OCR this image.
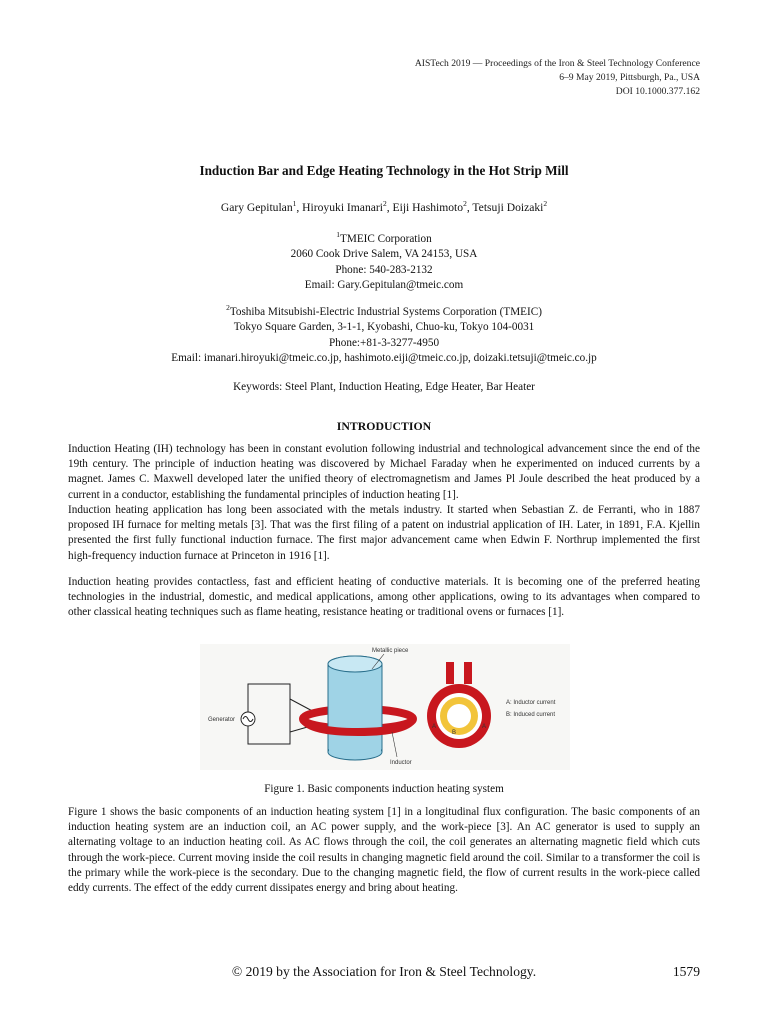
AISTech 2019 — Proceedings of the Iron & Steel Technology Conference
6–9 May 2019, Pittsburgh, Pa., USA
DOI 10.1000.377.162
Induction Bar and Edge Heating Technology in the Hot Strip Mill
Gary Gepitulan$^1$, Hiroyuki Imanari$^2$, Eiji Hashimoto$^2$, Tetsuji Doizaki$^2$
$^1$TMEIC Corporation
2060 Cook Drive Salem, VA 24153, USA
Phone: 540-283-2132
Email: Gary.Gepitulan@tmeic.com
$^2$Toshiba Mitsubishi-Electric Industrial Systems Corporation (TMEIC)
Tokyo Square Garden, 3-1-1, Kyobashi, Chuo-ku, Tokyo 104-0031
Phone:+81-3-3277-4950
Email: imanari.hiroyuki@tmeic.co.jp, hashimoto.eiji@tmeic.co.jp, doizaki.tetsuji@tmeic.co.jp
Keywords: Steel Plant, Induction Heating, Edge Heater, Bar Heater
INTRODUCTION

Induction Heating (IH) technology has been in constant evolution following industrial and technological advancement since the end of the 19th century. The principle of induction heating was discovered by Michael Faraday when he experimented on induced currents by a magnet. James C. Maxwell developed later the unified theory of electromagnetism and James Pl Joule described the heat produced by a current in a conductor, establishing the fundamental principles of induction heating [1].

Induction heating application has long been associated with the metals industry. It started when Sebastian Z. de Ferranti, who in 1887 proposed IH furnace for melting metals [3]. That was the first filing of a patent on industrial application of IH. Later, in 1891, F.A. Kjellin presented the first fully functional induction furnace. The first major advancement came when Edwin F. Northrup implemented the first high-frequency induction furnace at Princeton in 1916 [1].

Induction heating provides contactless, fast and efficient heating of conductive materials. It is becoming one of the preferred heating technologies in the industrial, domestic, and medical applications, among other applications, owing to its advantages when compared to other classical heating techniques such as flame heating, resistance heating or traditional ovens or furnaces [1].

Generator
Metallic piece
Inductor
A	A
B
A: Inductor current
B: Induced current
Figure 1. Basic components induction heating system

Figure 1 shows the basic components of an induction heating system [1] in a longitudinal flux configuration. The basic components of an induction heating system are an induction coil, an AC power supply, and the work-piece [3]. An AC generator is used to supply an alternating voltage to an induction heating coil. As AC flows through the coil, the coil generates an alternating magnetic field which cuts through the work-piece. Current moving inside the coil results in changing magnetic field around the coil. Similar to a transformer the coil is the primary while the work-piece is the secondary. Due to the changing magnetic field, the flow of current results in the work-piece called eddy currents. The effect of the eddy current dissipates energy and bring about heating.

© 2019 by the Association for Iron & Steel Technology.	1579
